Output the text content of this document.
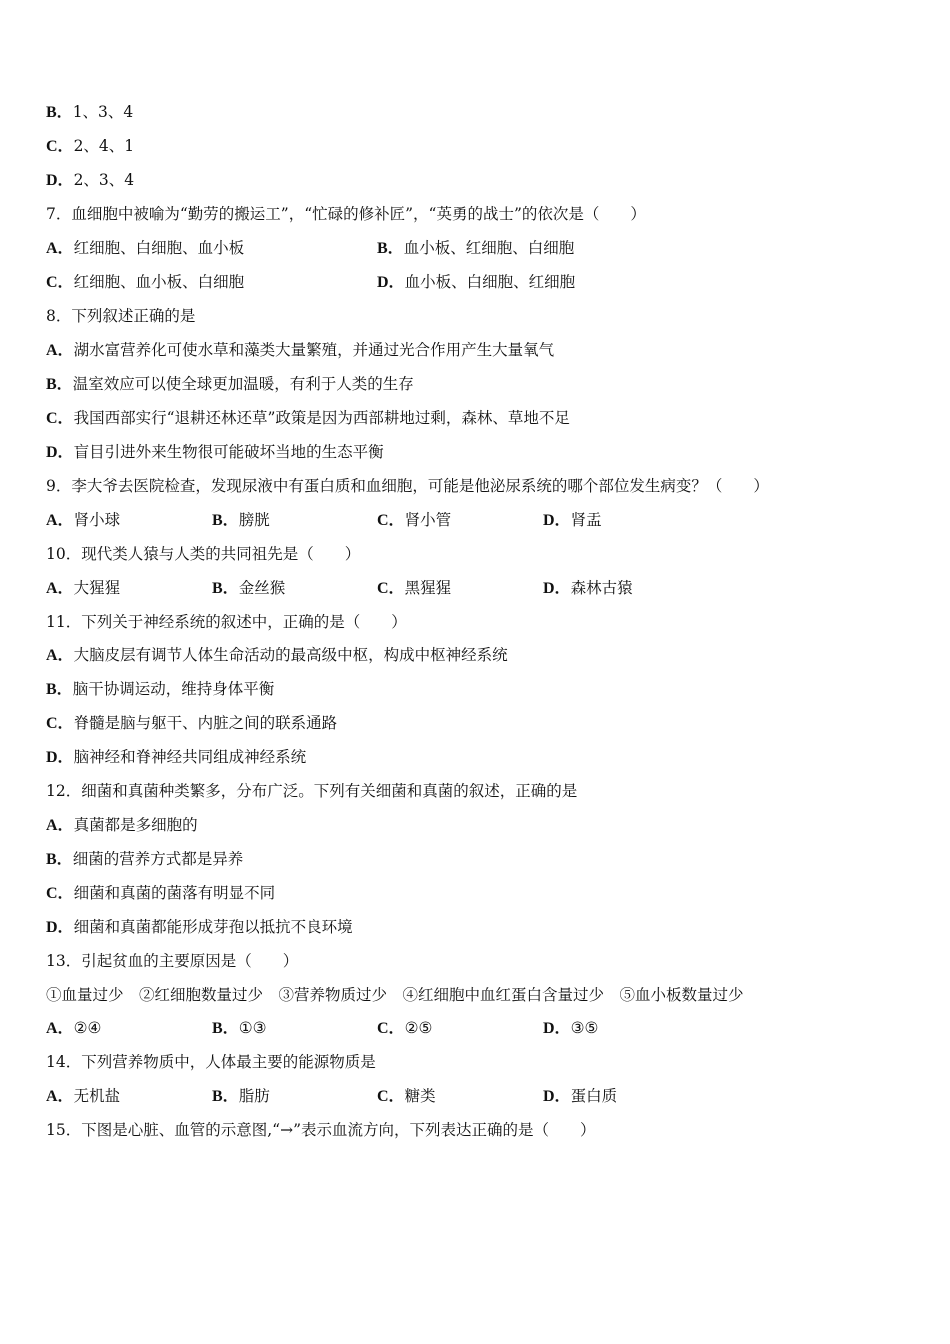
B．1、3、4
C．2、4、1
D．2、3、4
7．血细胞中被喻为“勤劳的搬运工”，“忙碌的修补匠”，“英勇的战士”的依次是（　　）
A．红细胞、白细胞、血小板	B．血小板、红细胞、白细胞
C．红细胞、血小板、白细胞	D．血小板、白细胞、红细胞
8．下列叙述正确的是
A．湖水富营养化可使水草和藻类大量繁殖，并通过光合作用产生大量氧气
B．温室效应可以使全球更加温暖，有利于人类的生存
C．我国西部实行“退耕还林还草”政策是因为西部耕地过剩，森林、草地不足
D．盲目引进外来生物很可能破坏当地的生态平衡
9．李大爷去医院检查，发现尿液中有蛋白质和血细胞，可能是他泌尿系统的哪个部位发生病变？（　　）
A．肾小球	B．膀胱	C．肾小管	D．肾盂
10．现代类人猿与人类的共同祖先是（　　）
A．大猩猩	B．金丝猴	C．黑猩猩	D．森林古猿
11．下列关于神经系统的叙述中，正确的是（　　）
A．大脑皮层有调节人体生命活动的最高级中枢，构成中枢神经系统
B．脑干协调运动，维持身体平衡
C．脊髓是脑与躯干、内脏之间的联系通路
D．脑神经和脊神经共同组成神经系统
12．细菌和真菌种类繁多，分布广泛。下列有关细菌和真菌的叙述，正确的是
A．真菌都是多细胞的
B．细菌的营养方式都是异养
C．细菌和真菌的菌落有明显不同
D．细菌和真菌都能形成芽孢以抵抗不良环境
13．引起贫血的主要原因是（　　）
①血量过少　②红细胞数量过少　③营养物质过少　④红细胞中血红蛋白含量过少　⑤血小板数量过少
A．②④	B．①③	C．②⑤	D．③⑤
14．下列营养物质中，人体最主要的能源物质是
A．无机盐	B．脂肪	C．糖类	D．蛋白质
15．下图是心脏、血管的示意图,“→”表示血流方向，下列表达正确的是（　　）
